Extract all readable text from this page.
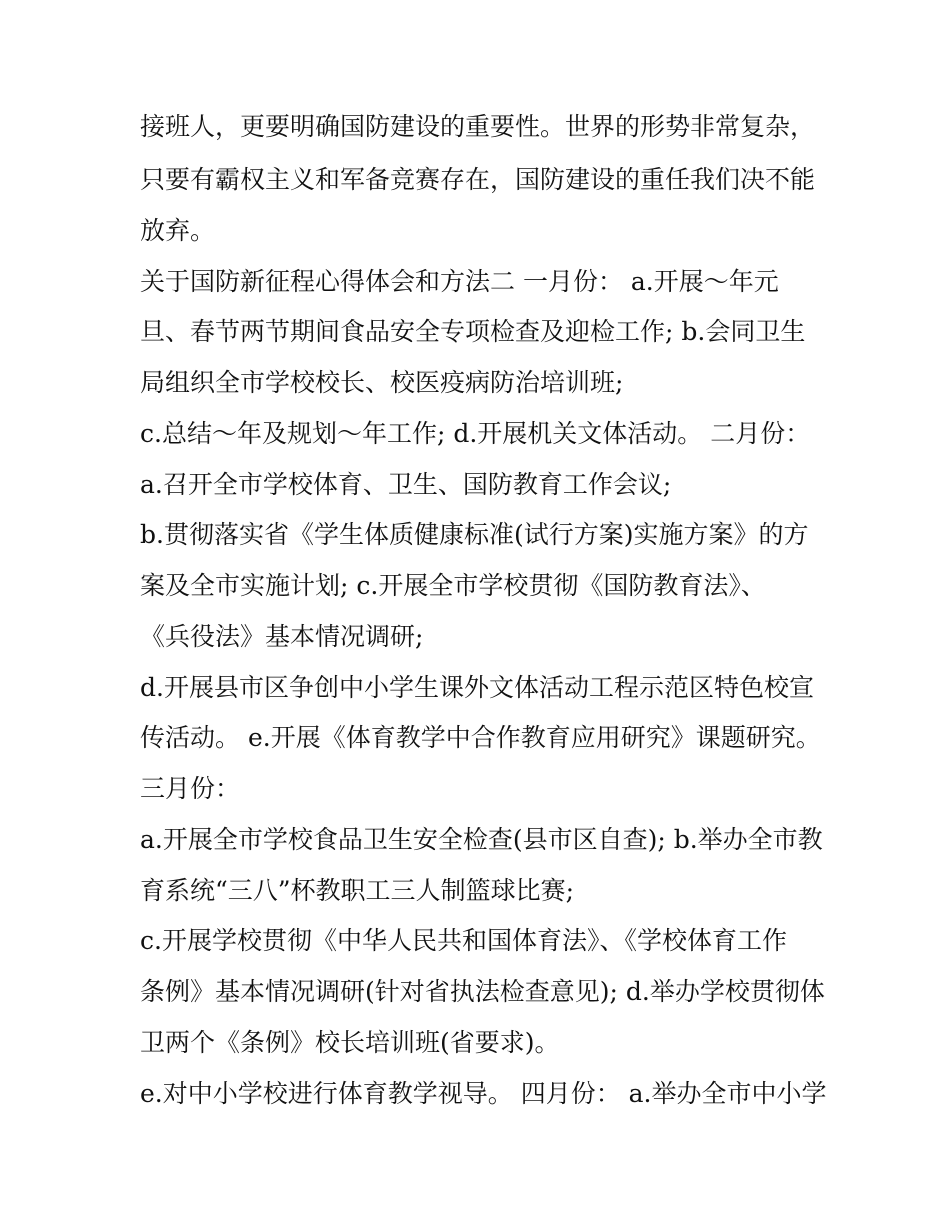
接班人，更要明确国防建设的重要性。世界的形势非常复杂，
只要有霸权主义和军备竞赛存在，国防建设的重任我们决不能
放弃。
关于国防新征程心得体会和方法二 一月份： a.开展～年元
旦、春节两节期间食品安全专项检查及迎检工作; b.会同卫生
局组织全市学校校长、校医疫病防治培训班;
c.总结～年及规划～年工作; d.开展机关文体活动。 二月份：
a.召开全市学校体育、卫生、国防教育工作会议;
b.贯彻落实省《学生体质健康标准(试行方案)实施方案》的方
案及全市实施计划; c.开展全市学校贯彻《国防教育法》、
《兵役法》基本情况调研;
d.开展县市区争创中小学生课外文体活动工程示范区特色校宣
传活动。 e.开展《体育教学中合作教育应用研究》课题研究。
三月份：
a.开展全市学校食品卫生安全检查(县市区自查); b.举办全市教
育系统“三八”杯教职工三人制篮球比赛;
c.开展学校贯彻《中华人民共和国体育法》、《学校体育工作
条例》基本情况调研(针对省执法检查意见); d.举办学校贯彻体
卫两个《条例》校长培训班(省要求)。
e.对中小学校进行体育教学视导。 四月份： a.举办全市中小学
